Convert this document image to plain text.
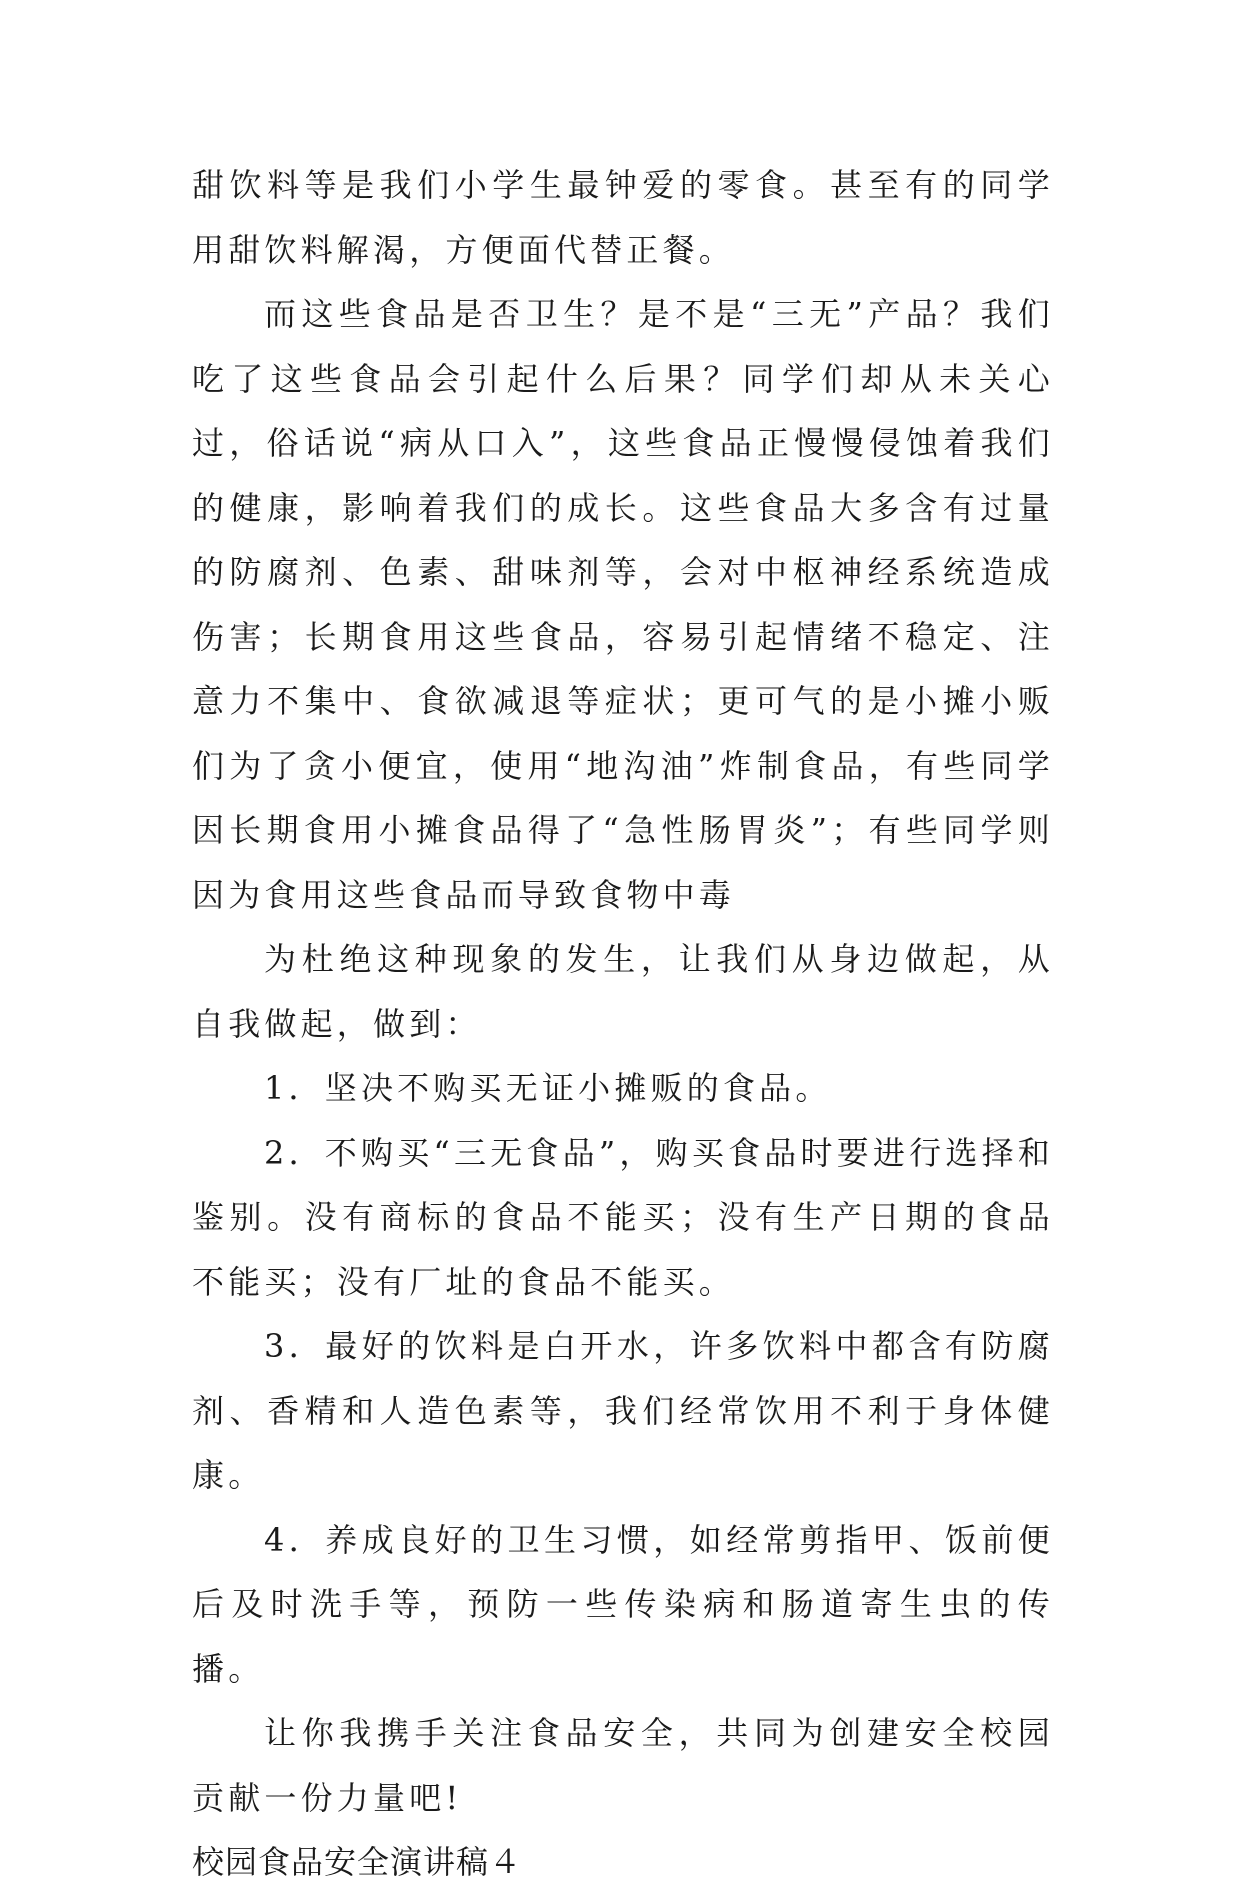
甜饮料等是我们小学生最钟爱的零食。甚至有的同学用甜饮料解渴，方便面代替正餐。

而这些食品是否卫生？是不是“三无”产品？我们吃了这些食品会引起什么后果？同学们却从未关心过，俗话说“病从口入”，这些食品正慢慢侵蚀着我们的健康，影响着我们的成长。这些食品大多含有过量的防腐剂、色素、甜味剂等，会对中枢神经系统造成伤害；长期食用这些食品，容易引起情绪不稳定、注意力不集中、食欲减退等症状；更可气的是小摊小贩们为了贪小便宜，使用“地沟油”炸制食品，有些同学因长期食用小摊食品得了“急性肠胃炎”；有些同学则因为食用这些食品而导致食物中毒

为杜绝这种现象的发生，让我们从身边做起，从自我做起，做到：

1．坚决不购买无证小摊贩的食品。

2．不购买“三无食品”，购买食品时要进行选择和鉴别。没有商标的食品不能买；没有生产日期的食品不能买；没有厂址的食品不能买。

3．最好的饮料是白开水，许多饮料中都含有防腐剂、香精和人造色素等，我们经常饮用不利于身体健康。

4．养成良好的卫生习惯，如经常剪指甲、饭前便后及时洗手等，预防一些传染病和肠道寄生虫的传播。

让你我携手关注食品安全，共同为创建安全校园贡献一份力量吧!

校园食品安全演讲稿４
